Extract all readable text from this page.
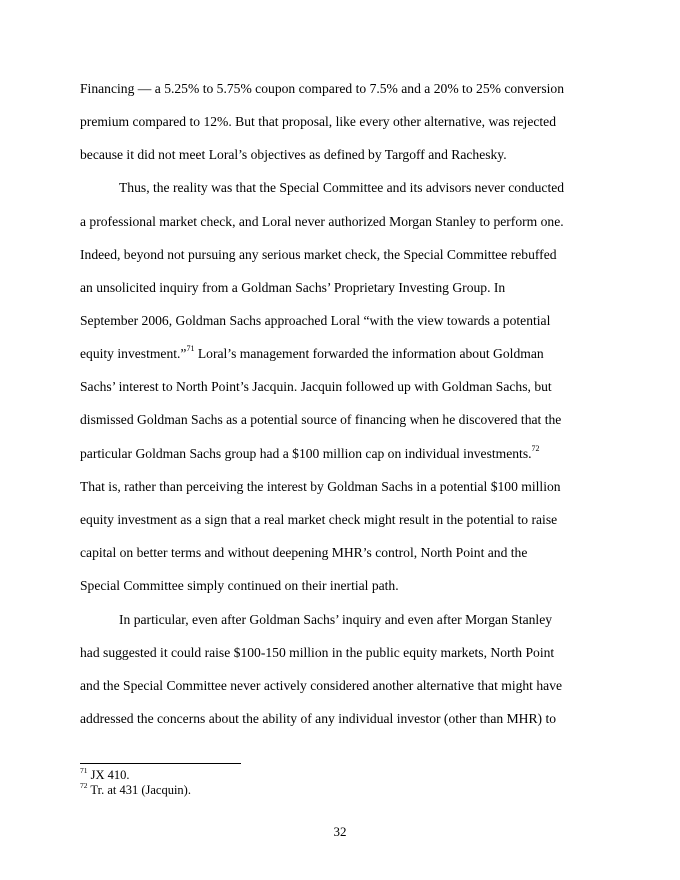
Financing — a 5.25% to 5.75% coupon compared to 7.5% and a 20% to 25% conversion

premium compared to 12%. But that proposal, like every other alternative, was rejected

because it did not meet Loral’s objectives as defined by Targoff and Rachesky.

Thus, the reality was that the Special Committee and its advisors never conducted

a professional market check, and Loral never authorized Morgan Stanley to perform one.

Indeed, beyond not pursuing any serious market check, the Special Committee rebuffed

an unsolicited inquiry from a Goldman Sachs’ Proprietary Investing Group. In

September 2006, Goldman Sachs approached Loral “with the view towards a potential

equity investment.”$^{71}$ Loral’s management forwarded the information about Goldman

Sachs’ interest to North Point’s Jacquin. Jacquin followed up with Goldman Sachs, but

dismissed Goldman Sachs as a potential source of financing when he discovered that the

particular Goldman Sachs group had a $100 million cap on individual investments.$^{72}$

That is, rather than perceiving the interest by Goldman Sachs in a potential $100 million

equity investment as a sign that a real market check might result in the potential to raise

capital on better terms and without deepening MHR’s control, North Point and the

Special Committee simply continued on their inertial path.

In particular, even after Goldman Sachs’ inquiry and even after Morgan Stanley

had suggested it could raise $100-150 million in the public equity markets, North Point

and the Special Committee never actively considered another alternative that might have

addressed the concerns about the ability of any individual investor (other than MHR) to

$^{71}$ JX 410.
$^{72}$ Tr. at 431 (Jacquin).
32
